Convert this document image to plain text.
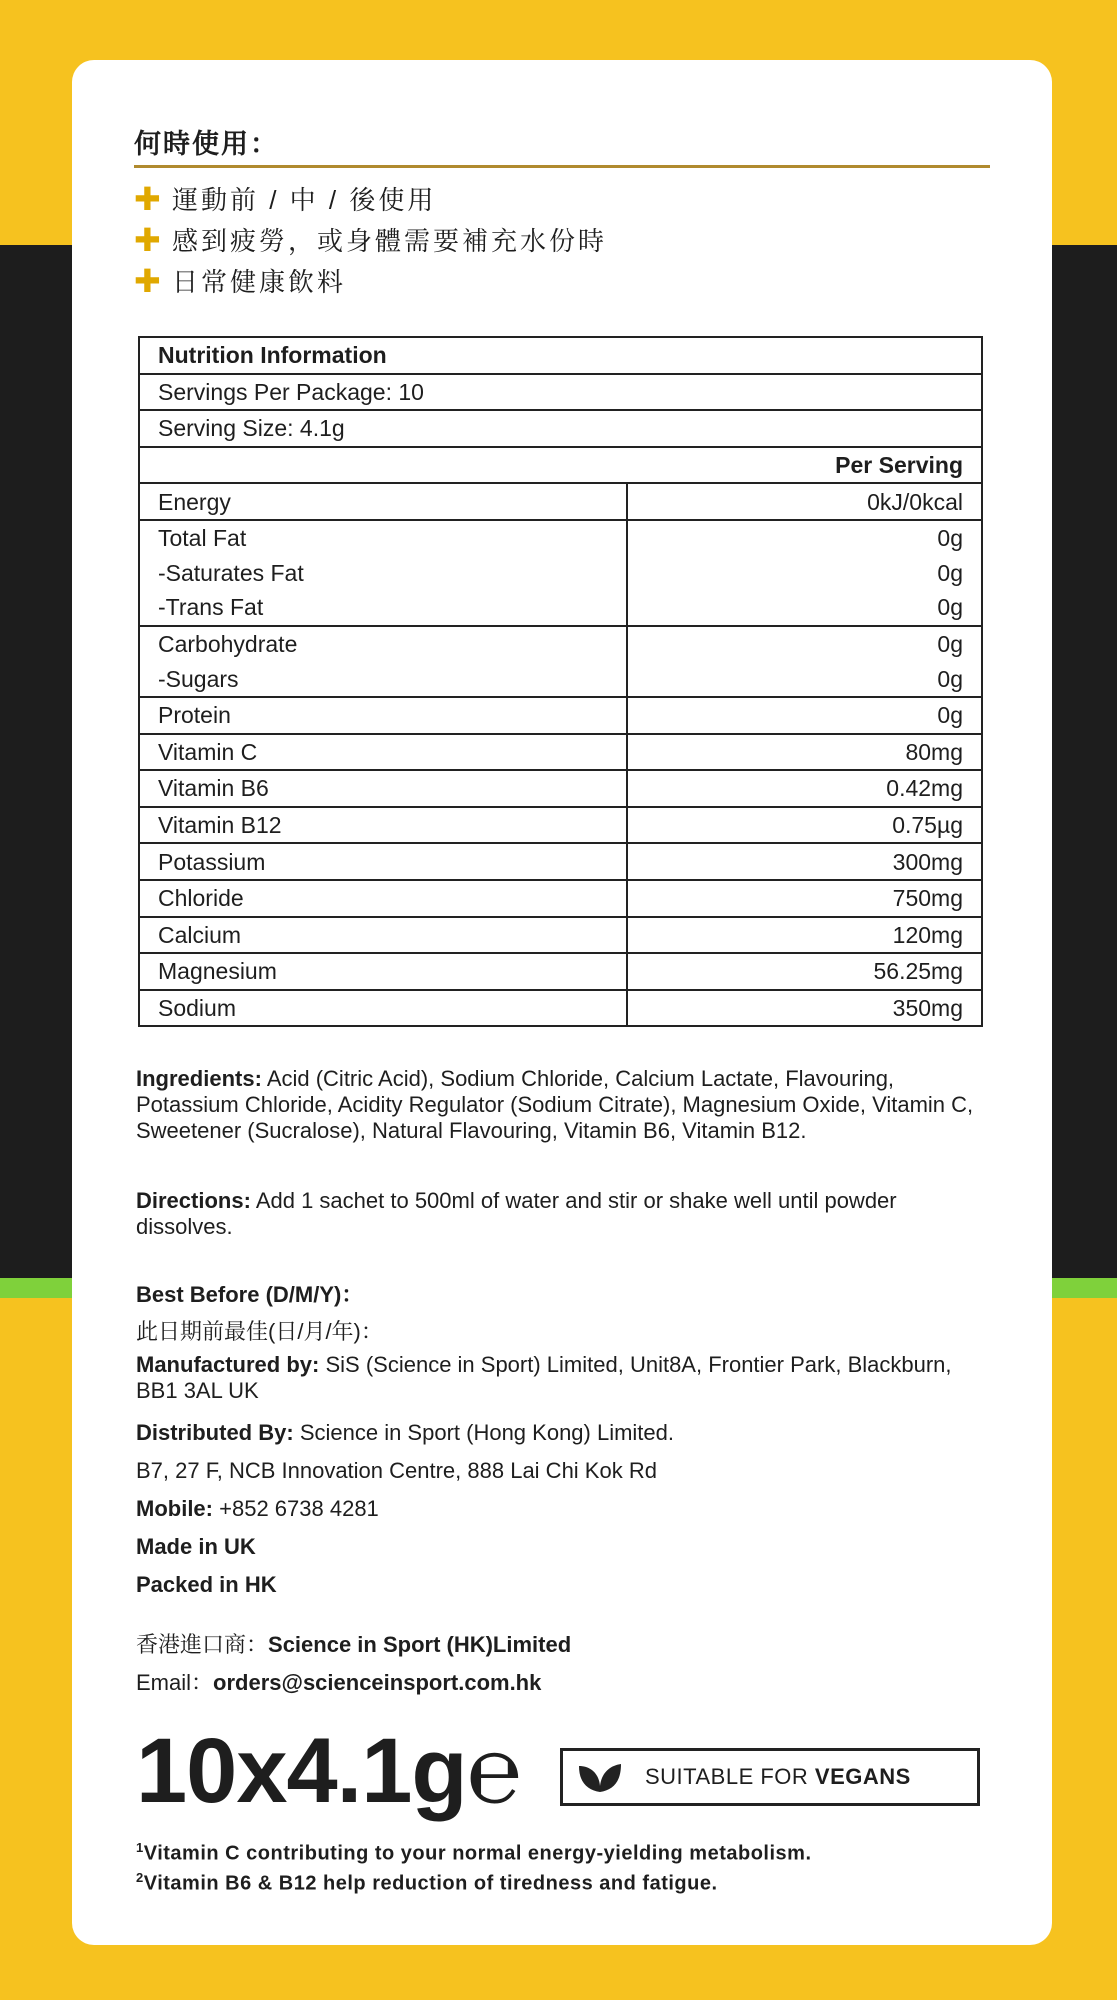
何時使用：
✚ 運動前 / 中 / 後使用
✚ 感到疲勞，或身體需要補充水份時
✚ 日常健康飲料
Nutrition Information	
Servings Per Package: 10	
Serving Size: 4.1g	
Per Serving	
Energy	0kJ/0kcal
Total Fat	0g
-Saturates Fat	0g
-Trans Fat	0g
Carbohydrate	0g
-Sugars	0g
Protein	0g
Vitamin C	80mg
Vitamin B6	0.42mg
Vitamin B12	0.75µg
Potassium	300mg
Chloride	750mg
Calcium	120mg
Magnesium	56.25mg
Sodium	350mg

Ingredients: Acid (Citric Acid), Sodium Chloride, Calcium Lactate, Flavouring, Potassium Chloride, Acidity Regulator (Sodium Citrate), Magnesium Oxide, Vitamin C, Sweetener (Sucralose), Natural Flavouring, Vitamin B6, Vitamin B12.

Directions: Add 1 sachet to 500ml of water and stir or shake well until powder dissolves.

Best Before (D/M/Y)：
此日期前最佳(日/月/年)：

Manufactured by: SiS (Science in Sport) Limited, Unit8A, Frontier Park, Blackburn, BB1 3AL UK

Distributed By: Science in Sport (Hong Kong) Limited.
B7, 27 F, NCB Innovation Centre, 888 Lai Chi Kok Rd
Mobile: +852 6738 4281
Made in UK
Packed in HK
香港進口商：Science in Sport (HK)Limited
Email：orders@scienceinsport.com.hk
10x4.1g℮	SUITABLE FOR
VEGANS
$^1$Vitamin C contributing to your normal energy-yielding metabolism.
$^2$Vitamin B6 & B12 help reduction of tiredness and fatigue.
